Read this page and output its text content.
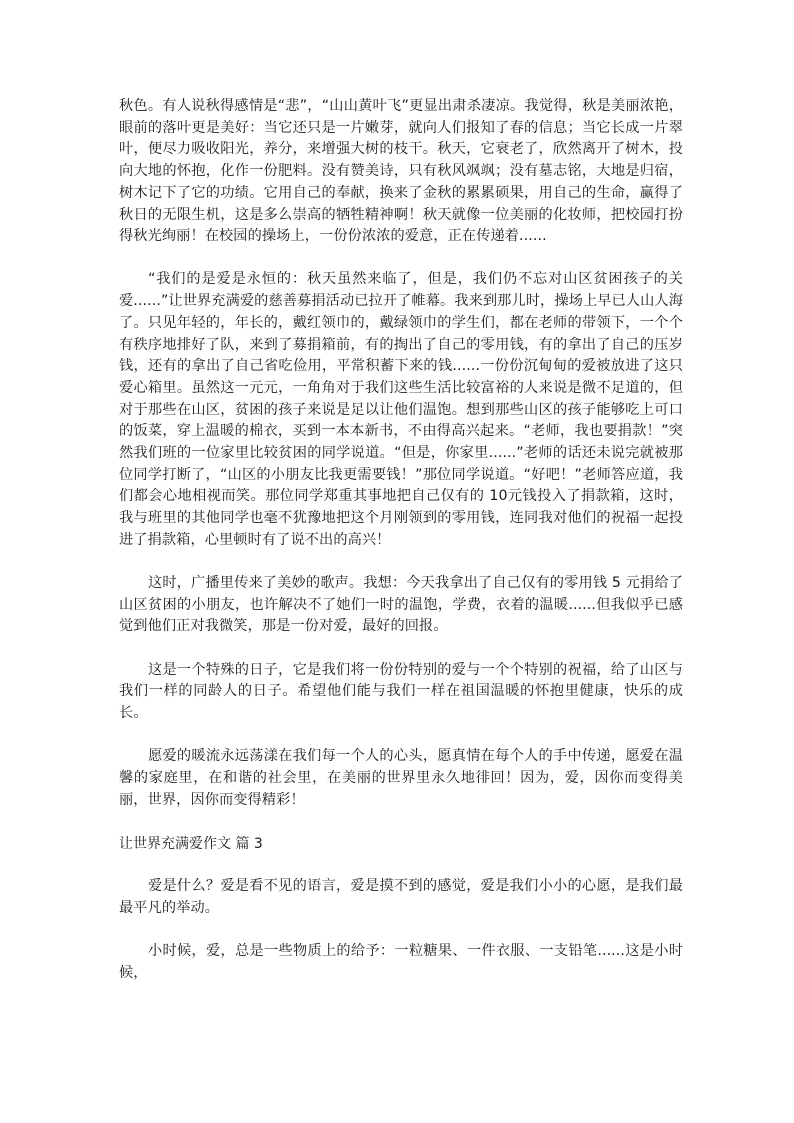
秋色。有人说秋得感情是“悲”，“山山黄叶飞”更显出肃杀凄凉。我觉得，秋是美丽浓艳，眼前的落叶更是美好：当它还只是一片嫩芽，就向人们报知了春的信息；当它长成一片翠叶，便尽力吸收阳光，养分，来增强大树的枝干。秋天，它衰老了，欣然离开了树木，投向大地的怀抱，化作一份肥料。没有赞美诗，只有秋风飒飒；没有墓志铭，大地是归宿，树木记下了它的功绩。它用自己的奉献，换来了金秋的累累硕果，用自己的生命，赢得了秋日的无限生机，这是多么崇高的牺牲精神啊！秋天就像一位美丽的化妆师，把校园打扮得秋光绚丽！在校园的操场上，一份份浓浓的爱意，正在传递着......

“我们的是爱是永恒的：秋天虽然来临了，但是，我们仍不忘对山区贫困孩子的关爱......”让世界充满爱的慈善募捐活动已拉开了帷幕。我来到那儿时，操场上早已人山人海了。只见年轻的，年长的，戴红领巾的，戴绿领巾的学生们，都在老师的带领下，一个个有秩序地排好了队，来到了募捐箱前，有的掏出了自己的零用钱，有的拿出了自己的压岁钱，还有的拿出了自己省吃俭用，平常积蓄下来的钱......一份份沉甸甸的爱被放进了这只爱心箱里。虽然这一元元，一角角对于我们这些生活比较富裕的人来说是微不足道的，但对于那些在山区，贫困的孩子来说是足以让他们温饱。想到那些山区的孩子能够吃上可口的饭菜，穿上温暖的棉衣，买到一本本新书，不由得高兴起来。“老师，我也要捐款！”突然我们班的一位家里比较贫困的同学说道。“但是，你家里......”老师的话还未说完就被那位同学打断了，“山区的小朋友比我更需要钱！”那位同学说道。“好吧！”老师答应道，我们都会心地相视而笑。那位同学郑重其事地把自己仅有的 10元钱投入了捐款箱，这时，我与班里的其他同学也毫不犹豫地把这个月刚领到的零用钱，连同我对他们的祝福一起投进了捐款箱，心里顿时有了说不出的高兴！

这时，广播里传来了美妙的歌声。我想：今天我拿出了自己仅有的零用钱 5 元捐给了山区贫困的小朋友，也许解决不了她们一时的温饱，学费，衣着的温暖......但我似乎已感觉到他们正对我微笑，那是一份对爱，最好的回报。

这是一个特殊的日子，它是我们将一份份特别的爱与一个个特别的祝福，给了山区与我们一样的同龄人的日子。希望他们能与我们一样在祖国温暖的怀抱里健康，快乐的成长。

愿爱的暖流永远荡漾在我们每一个人的心头，愿真情在每个人的手中传递，愿爱在温馨的家庭里，在和谐的社会里，在美丽的世界里永久地徘回！因为，爱，因你而变得美丽，世界，因你而变得精彩！

让世界充满爱作文 篇 3

爱是什么？爱是看不见的语言，爱是摸不到的感觉，爱是我们小小的心愿，是我们最最平凡的举动。

小时候，爱，总是一些物质上的给予：一粒糖果、一件衣服、一支铅笔......这是小时候，
